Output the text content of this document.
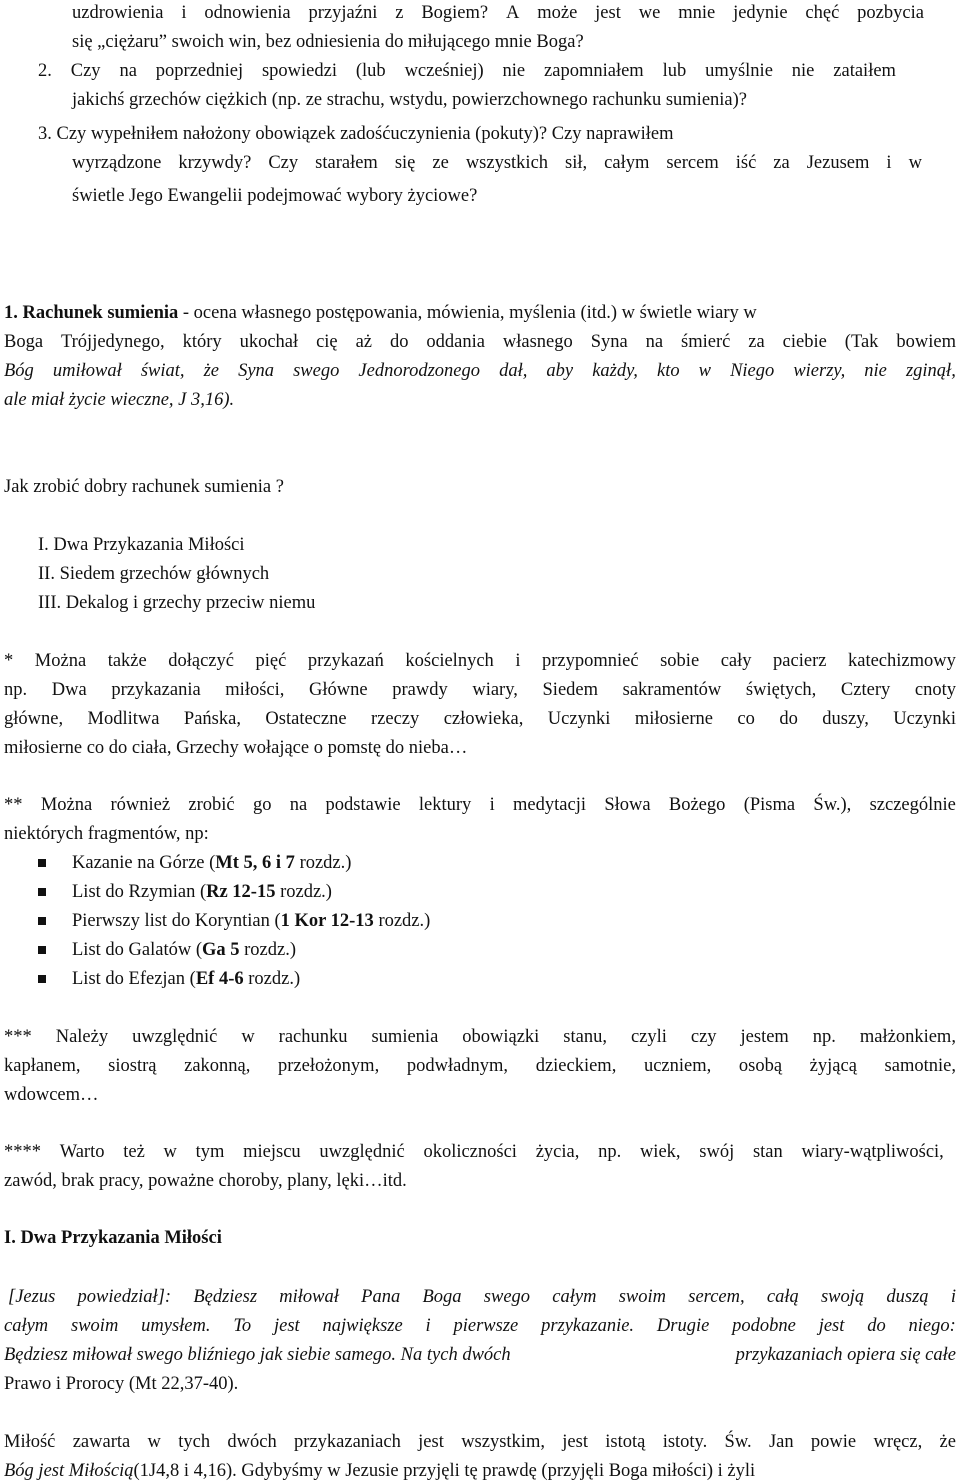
uzdrowienia i odnowienia przyjaźni z Bogiem? A może jest we mnie jedynie chęć pozbycia
się „ciężaru” swoich win, bez odniesienia do miłującego mnie Boga?
2. Czy na poprzedniej spowiedzi (lub wcześniej) nie zapomniałem lub umyślnie nie zataiłem
jakichś grzechów ciężkich (np. ze strachu, wstydu, powierzchownego rachunku sumienia)?
3. Czy wypełniłem nałożony obowiązek zadośćuczynienia (pokuty)? Czy naprawiłem
wyrządzone krzywdy? Czy starałem się ze wszystkich sił, całym sercem iść za Jezusem i w
świetle Jego Ewangelii podejmować wybory życiowe?
1. Rachunek sumienia - ocena własnego postępowania, mówienia, myślenia (itd.) w świetle wiary w
Boga Trójjedynego, który ukochał cię aż do oddania własnego Syna na śmierć za ciebie (Tak bowiem
Bóg umiłował świat, że Syna swego Jednorodzonego dał, aby każdy, kto w Niego wierzy, nie zginął,
ale miał życie wieczne, J 3,16).
Jak zrobić dobry rachunek sumienia ?
I. Dwa Przykazania Miłości
II. Siedem grzechów głównych
III. Dekalog i grzechy przeciw niemu
* Można także dołączyć pięć przykazań kościelnych i przypomnieć sobie cały pacierz katechizmowy
np. Dwa przykazania miłości, Główne prawdy wiary, Siedem sakramentów świętych, Cztery cnoty
główne, Modlitwa Pańska, Ostateczne rzeczy człowieka, Uczynki miłosierne co do duszy, Uczynki
miłosierne co do ciała, Grzechy wołające o pomstę do nieba…
** Można również zrobić go na podstawie lektury i medytacji Słowa Bożego (Pisma Św.), szczególnie
niektórych fragmentów, np:
Kazanie na Górze (Mt 5, 6 i 7 rozdz.)
List do Rzymian (Rz 12-15 rozdz.)
Pierwszy list do Koryntian (1 Kor 12-13 rozdz.)
List do Galatów (Ga 5 rozdz.)
List do Efezjan (Ef 4-6 rozdz.)
*** Należy uwzględnić w rachunku sumienia obowiązki stanu, czyli czy jestem np. małżonkiem,
kapłanem, siostrą zakonną, przełożonym, podwładnym, dzieckiem, uczniem, osobą żyjącą samotnie,
wdowcem…
**** Warto też w tym miejscu uwzględnić okoliczności życia, np. wiek, swój stan wiary-wątpliwości,
zawód, brak pracy, poważne choroby, plany, lęki…itd.
I. Dwa Przykazania Miłości
[Jezus powiedział]: Będziesz miłował Pana Boga swego całym swoim sercem, całą swoją duszą i
całym swoim umysłem. To jest największe i pierwsze przykazanie. Drugie podobne jest do niego:
Będziesz miłował swego bliźniego jak siebie samego. Na tych dwóch	przykazaniach opiera się całe
Prawo i Prorocy (Mt 22,37-40).
Miłość zawarta w tych dwóch przykazaniach jest wszystkim, jest istotą istoty. Św. Jan powie wręcz, że
Bóg jest Miłością (1J4,8 i 4,16). Gdybyśmy w Jezusie przyjęli tę prawdę (przyjęli Boga miłości) i żyli
